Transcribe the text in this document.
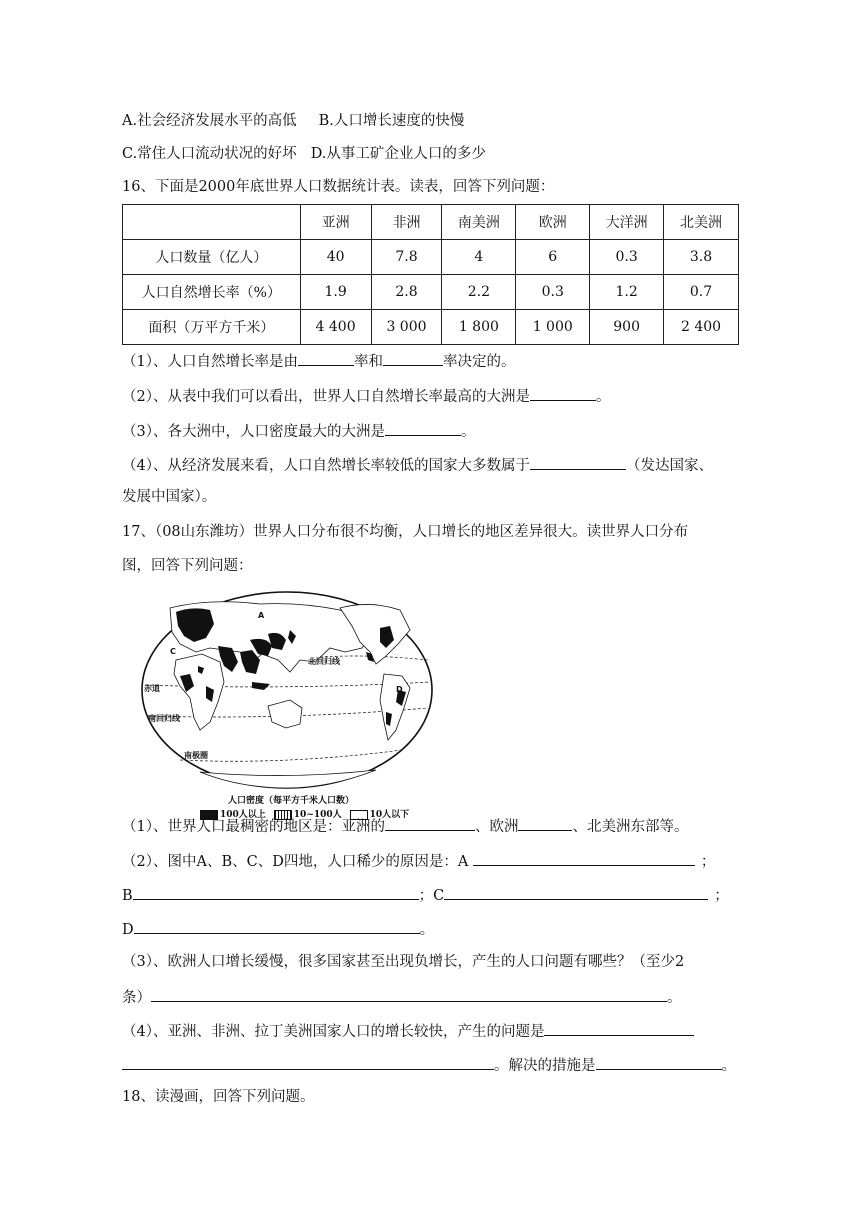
A.社会经济发展水平的高低 B.人口增长速度的快慢
C.常住人口流动状况的好坏 D.从事工矿企业人口的多少
16、下面是2000年底世界人口数据统计表。读表，回答下列问题：
	亚洲	非洲	南美洲	欧洲	大洋洲	北美洲
人口数量（亿人）	40	7.8	4	6	0.3	3.8
人口自然增长率（%）	1.9	2.8	2.2	0.3	1.2	0.7
面积（万平方千米）	4 400	3 000	1 800	1 000	900	2 400
（1）、人口自然增长率是由	率和	率决定的。
（2）、从表中我们可以看出，世界人口自然增长率最高的大洲是	。
（3）、各大洲中，人口密度最大的大洲是	。
（4）、从经济发展来看，人口自然增长率较低的国家大多数属于	（发达国家、
发展中国家）。
17、（08山东潍坊）世界人口分布很不均衡，人口增长的地区差异很大。读世界人口分布
图，回答下列问题：
A
B
C
D
北回归线
赤道
南回归线
南极圈
人口密度（每平方千米人口数）
100人以上	10~100人	10人以下
（1）、世界人口最稠密的地区是：亚洲的	、欧洲	、北美洲东部等。
（2）、图中A、B、C、D四地，人口稀少的原因是：A	；
B	；C	；
D	。
（3）、欧洲人口增长缓慢，很多国家甚至出现负增长，产生的人口问题有哪些？（至少2
条）	。
（4）、亚洲、非洲、拉丁美洲国家人口的增长较快，产生的问题是
。解决的措施是	。
18、读漫画，回答下列问题。
